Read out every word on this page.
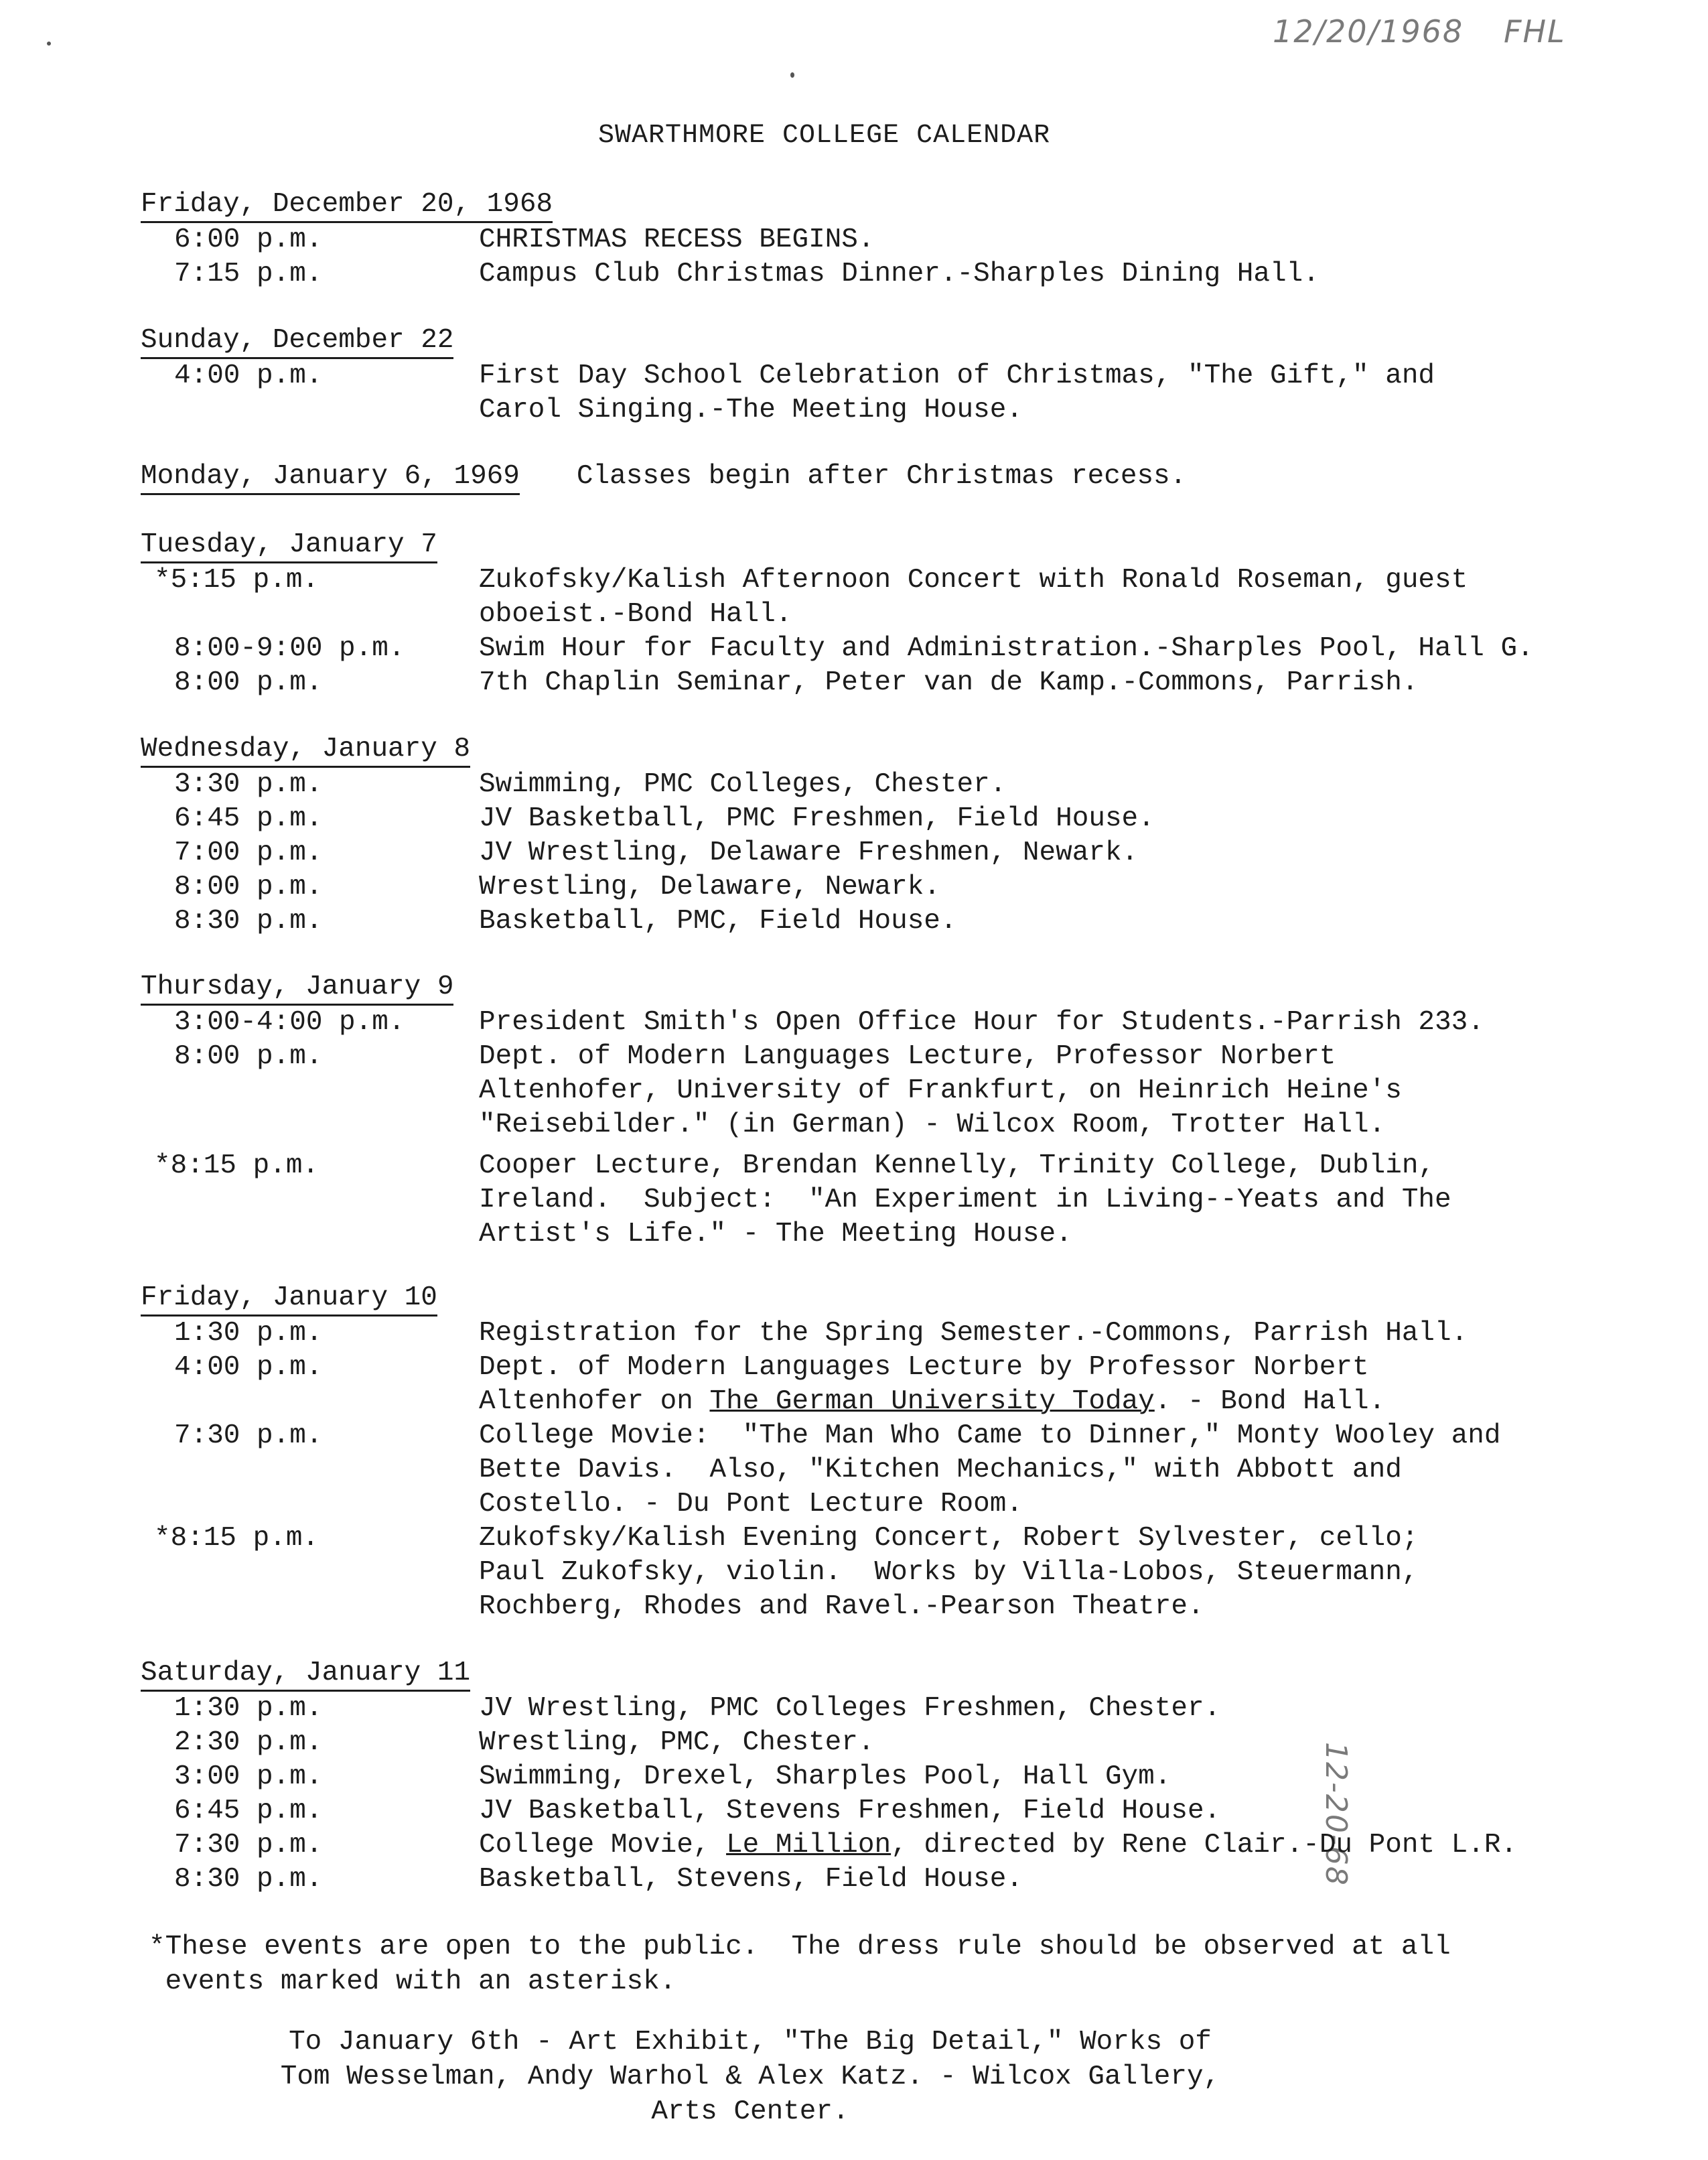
12/20/1968 FHL
12-20-68
SWARTHMORE COLLEGE CALENDAR
Friday, December 20, 1968
6:00 p.m.	CHRISTMAS RECESS BEGINS.
7:15 p.m.	Campus Club Christmas Dinner.-Sharples Dining Hall.
Sunday, December 22
4:00 p.m.	First Day School Celebration of Christmas, "The Gift," and
Carol Singing.-The Meeting House.
Monday, January 6, 1969 Classes begin after Christmas recess.
Tuesday, January 7
*5:15 p.m.	Zukofsky/Kalish Afternoon Concert with Ronald Roseman, guest
oboeist.-Bond Hall.
8:00-9:00 p.m.	Swim Hour for Faculty and Administration.-Sharples Pool, Hall G.
8:00 p.m.	7th Chaplin Seminar, Peter van de Kamp.-Commons, Parrish.
Wednesday, January 8
3:30 p.m.	Swimming, PMC Colleges, Chester.
6:45 p.m.	JV Basketball, PMC Freshmen, Field House.
7:00 p.m.	JV Wrestling, Delaware Freshmen, Newark.
8:00 p.m.	Wrestling, Delaware, Newark.
8:30 p.m.	Basketball, PMC, Field House.
Thursday, January 9
3:00-4:00 p.m.	President Smith's Open Office Hour for Students.-Parrish 233.
8:00 p.m.	Dept. of Modern Languages Lecture, Professor Norbert
Altenhofer, University of Frankfurt, on Heinrich Heine's
"Reisebilder." (in German) - Wilcox Room, Trotter Hall.
*8:15 p.m.	Cooper Lecture, Brendan Kennelly, Trinity College, Dublin,
Ireland.  Subject:  "An Experiment in Living--Yeats and The
Artist's Life." - The Meeting House.
Friday, January 10
1:30 p.m.	Registration for the Spring Semester.-Commons, Parrish Hall.
4:00 p.m.	Dept. of Modern Languages Lecture by Professor Norbert
Altenhofer on The German University Today. - Bond Hall.
7:30 p.m.	College Movie:  "The Man Who Came to Dinner," Monty Wooley and
Bette Davis.  Also, "Kitchen Mechanics," with Abbott and
Costello. - Du Pont Lecture Room.
*8:15 p.m.	Zukofsky/Kalish Evening Concert, Robert Sylvester, cello;
Paul Zukofsky, violin.  Works by Villa-Lobos, Steuermann,
Rochberg, Rhodes and Ravel.-Pearson Theatre.
Saturday, January 11
1:30 p.m.	JV Wrestling, PMC Colleges Freshmen, Chester.
2:30 p.m.	Wrestling, PMC, Chester.
3:00 p.m.	Swimming, Drexel, Sharples Pool, Hall Gym.
6:45 p.m.	JV Basketball, Stevens Freshmen, Field House.
7:30 p.m.	College Movie, Le Million, directed by Rene Clair.-Du Pont L.R.
8:30 p.m.	Basketball, Stevens, Field House.
*These events are open to the public.  The dress rule should be observed at all
events marked with an asterisk.
To January 6th - Art Exhibit, "The Big Detail," Works of
Tom Wesselman, Andy Warhol & Alex Katz. - Wilcox Gallery,
Arts Center.
